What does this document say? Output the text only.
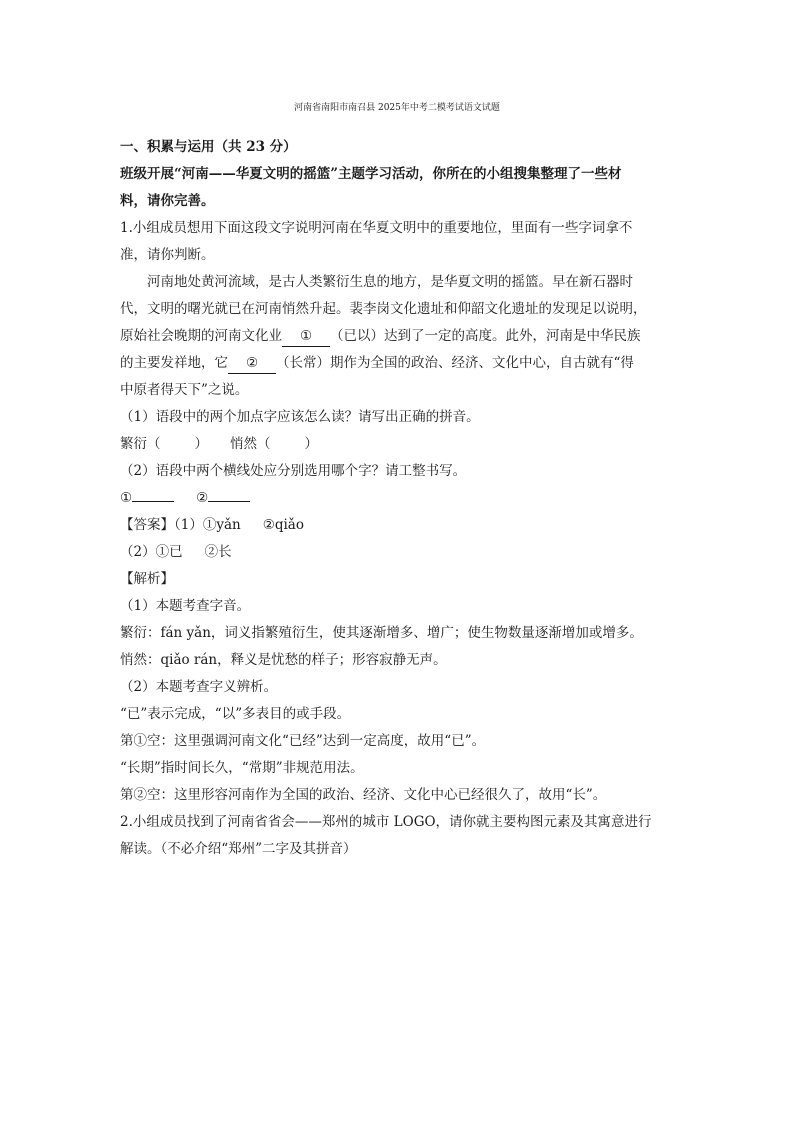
河南省南阳市南召县 2025年中考二模考试语文试题
一、积累与运用（共 23 分）
班级开展“河南——华夏文明的摇篮”主题学习活动，你所在的小组搜集整理了一些材
料，请你完善。
1.小组成员想用下面这段文字说明河南在华夏文明中的重要地位，里面有一些字词拿不
准，请你判断。
河南地处黄河流域，是古人类繁衍生息的地方，是华夏文明的摇篮。早在新石器时
代，文明的曙光就已在河南悄然升起。裴李岗文化遗址和仰韶文化遗址的发现足以说明，
原始社会晚期的河南文化业 ① （已以）达到了一定的高度。此外，河南是中华民族
的主要发祥地，它 ② （长常）期作为全国的政治、经济、文化中心，自古就有“得
中原者得天下”之说。
（1）语段中的两个加点字应该怎么读？请写出正确的拼音。
繁衍（	） 悄然（	）
（2）语段中两个横线处应分别选用哪个字？请工整书写。
①	②
【答案】（1）①yǎn ②qiǎo
（2）①已 ②长
【解析】
（1）本题考查字音。
繁衍：fán yǎn，词义指繁殖衍生，使其逐渐增多、增广；使生物数量逐渐增加或增多。
悄然：qiǎo rán，释义是忧愁的样子；形容寂静无声。
（2）本题考查字义辨析。
“已”表示完成，“以”多表目的或手段。
第①空：这里强调河南文化“已经”达到一定高度，故用“已”。
“长期”指时间长久，“常期”非规范用法。
第②空：这里形容河南作为全国的政治、经济、文化中心已经很久了，故用“长”。
2.小组成员找到了河南省省会——郑州的城市 LOGO，请你就主要构图元素及其寓意进行
解读。（不必介绍“郑州”二字及其拼音）
